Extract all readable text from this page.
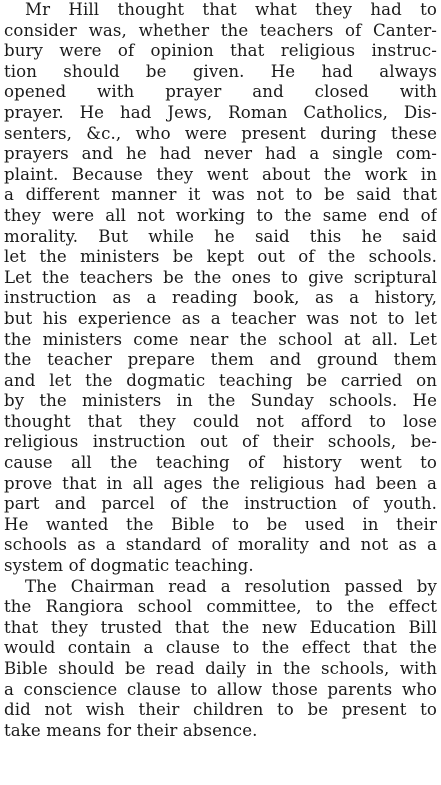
Mr Hill thought that what they had to
consider was, whether the teachers of Canter-
bury were of opinion that religious instruc-
tion should be given. He had always
opened with prayer and closed with
prayer. He had Jews, Roman Catholics, Dis-
senters, &c., who were present during these
prayers and he had never had a single com-
plaint. Because they went about the work in
a different manner it was not to be said that
they were all not working to the same end of
morality. But while he said this he said
let the ministers be kept out of the schools.
Let the teachers be the ones to give scriptural
instruction as a reading book, as a history,
but his experience as a teacher was not to let
the ministers come near the school at all. Let
the teacher prepare them and ground them
and let the dogmatic teaching be carried on
by the ministers in the Sunday schools. He
thought that they could not afford to lose
religious instruction out of their schools, be-
cause all the teaching of history went to
prove that in all ages the religious had been a
part and parcel of the instruction of youth.
He wanted the Bible to be used in their
schools as a standard of morality and not as a
system of dogmatic teaching.
The Chairman read a resolution passed by
the Rangiora school committee, to the effect
that they trusted that the new Education Bill
would contain a clause to the effect that the
Bible should be read daily in the schools, with
a conscience clause to allow those parents who
did not wish their children to be present to
take means for their absence.
